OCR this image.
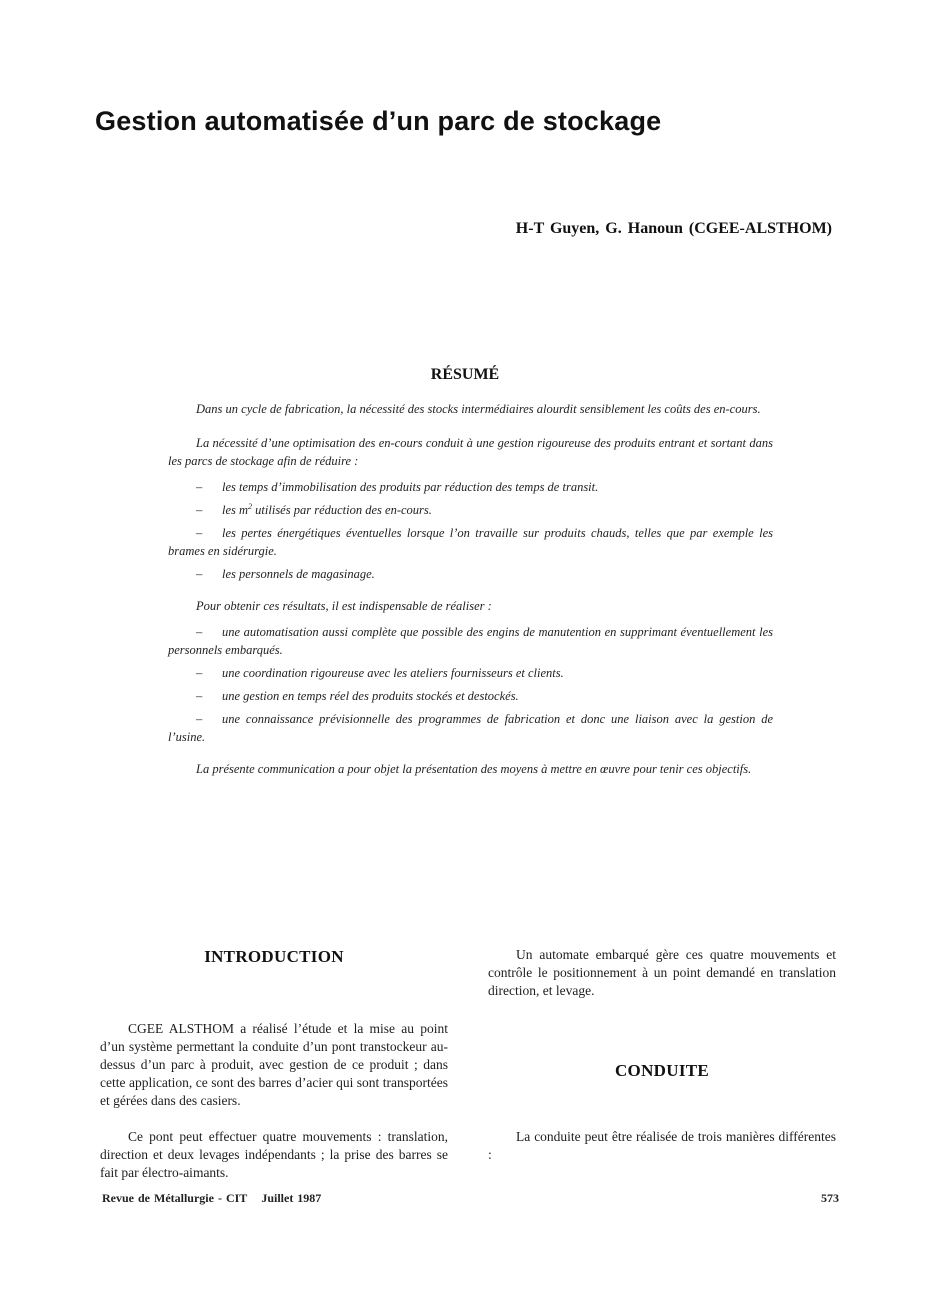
Gestion automatisée d’un parc de stockage
H-T Guyen, G. Hanoun (CGEE-ALSTHOM)
RÉSUMÉ

Dans un cycle de fabrication, la nécessité des stocks intermédiaires alourdit sensiblement les coûts des en-cours.

La nécessité d’une optimisation des en-cours conduit à une gestion rigoureuse des produits entrant et sortant dans les parcs de stockage afin de réduire :

– les temps d’immobilisation des produits par réduction des temps de transit.
– les $m^2$ utilisés par réduction des en-cours.
– les pertes énergétiques éventuelles lorsque l’on travaille sur produits chauds, telles que par exemple les brames en sidérurgie.
– les personnels de magasinage.

Pour obtenir ces résultats, il est indispensable de réaliser :

– une automatisation aussi complète que possible des engins de manutention en supprimant éventuellement les personnels embarqués.
– une coordination rigoureuse avec les ateliers fournisseurs et clients.
– une gestion en temps réel des produits stockés et destockés.
– une connaissance prévisionnelle des programmes de fabrication et donc une liaison avec la gestion de l’usine.

La présente communication a pour objet la présentation des moyens à mettre en œuvre pour tenir ces objectifs.

INTRODUCTION

CGEE ALSTHOM a réalisé l’étude et la mise au point d’un système permettant la conduite d’un pont transtockeur au-dessus d’un parc à produit, avec gestion de ce produit ; dans cette application, ce sont des barres d’acier qui sont transportées et gérées dans des casiers.

Ce pont peut effectuer quatre mouvements : translation, direction et deux levages indépendants ; la prise des barres se fait par électro-aimants.

Un automate embarqué gère ces quatre mouvements et contrôle le positionnement à un point demandé en translation direction, et levage.

CONDUITE

La conduite peut être réalisée de trois manières différentes :

Revue de Métallurgie - CIT Juillet 1987	573
